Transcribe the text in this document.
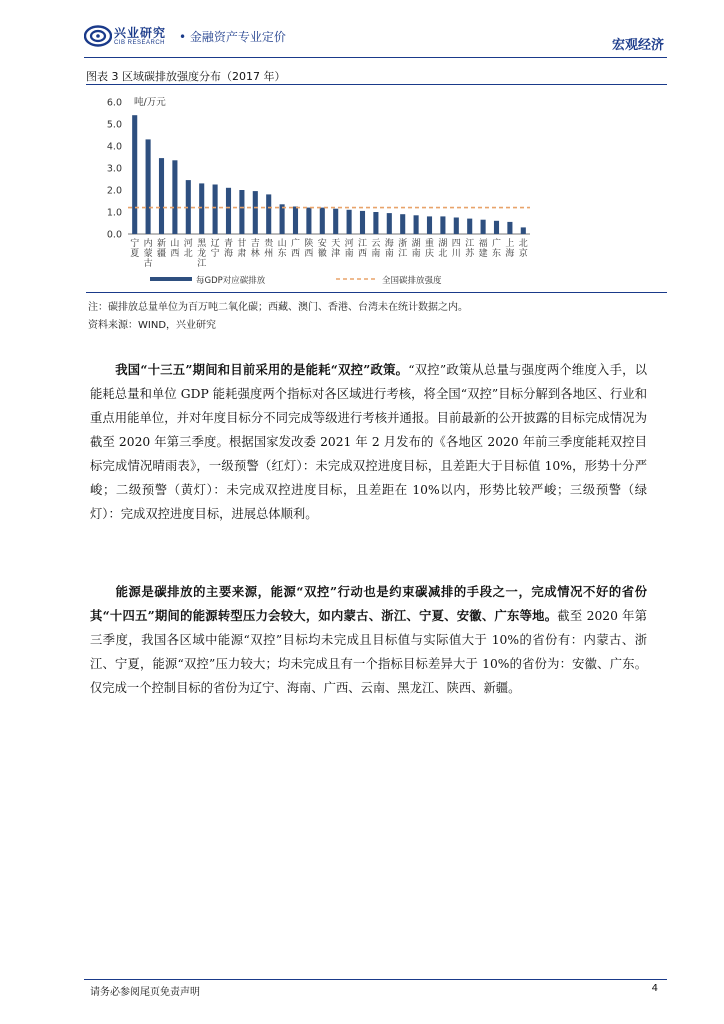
兴业研究
CIB RESEARCH • 金融资产专业定价
宏观经济
图表 3 区域碳排放强度分布（2017 年）
0.0
1.0
2.0
3.0
4.0
5.0
6.0 吨/万元
宁夏
内蒙古
新疆
山西
河北
黑龙江
辽宁
青海
甘肃
吉林
贵州
山东
广西
陕西
安徽
天津
河南
江西
云南
海南
浙江
湖南
重庆
湖北
四川
江苏
福建
广东
上海
北京
每GDP对应碳排放	全国碳排放强度
注：碳排放总量单位为百万吨二氧化碳；西藏、澳门、香港、台湾未在统计数据之内。
资料来源：WIND，兴业研究
我国“十三五”期间和目前采用的是能耗“双控”政策。“双控”政策从总量与强度两个维度入手，以能耗总量和单位 GDP 能耗强度两个指标对各区域进行考核，将全国“双控”目标分解到各地区、行业和重点用能单位，并对年度目标分不同完成等级进行考核并通报。目前最新的公开披露的目标完成情况为截至 2020 年第三季度。根据国家发改委 2021 年 2 月发布的《各地区 2020 年前三季度能耗双控目标完成情况晴雨表》，一级预警（红灯）：未完成双控进度目标，且差距大于目标值 10%，形势十分严峻；二级预警（黄灯）：未完成双控进度目标，且差距在 10%以内，形势比较严峻；三级预警（绿灯）：完成双控进度目标，进展总体顺利。
能源是碳排放的主要来源，能源“双控”行动也是约束碳减排的手段之一，完成情况不好的省份其“十四五”期间的能源转型压力会较大，如内蒙古、浙江、宁夏、安徽、广东等地。截至 2020 年第三季度，我国各区域中能源“双控”目标均未完成且目标值与实际值大于 10%的省份有：内蒙古、浙江、宁夏，能源“双控”压力较大；均未完成且有一个指标目标差异大于 10%的省份为：安徽、广东。仅完成一个控制目标的省份为辽宁、海南、广西、云南、黑龙江、陕西、新疆。
请务必参阅尾页免责声明	4
